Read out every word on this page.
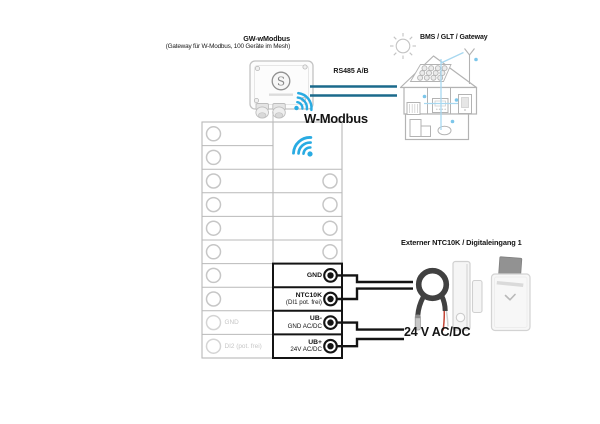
S
GW-wModbus
(Gateway für W-Modbus, 100 Geräte im Mesh)
RS485 A/B
W-Modbus
BMS / GLT / Gateway
GND
NTC10K
(DI1 pot. frei)
UB-
GND AC/DC
UB+
24V AC/DC
GND
DI2 (pot. frei)
Externer NTC10K / Digitaleingang 1
24 V AC/DC
